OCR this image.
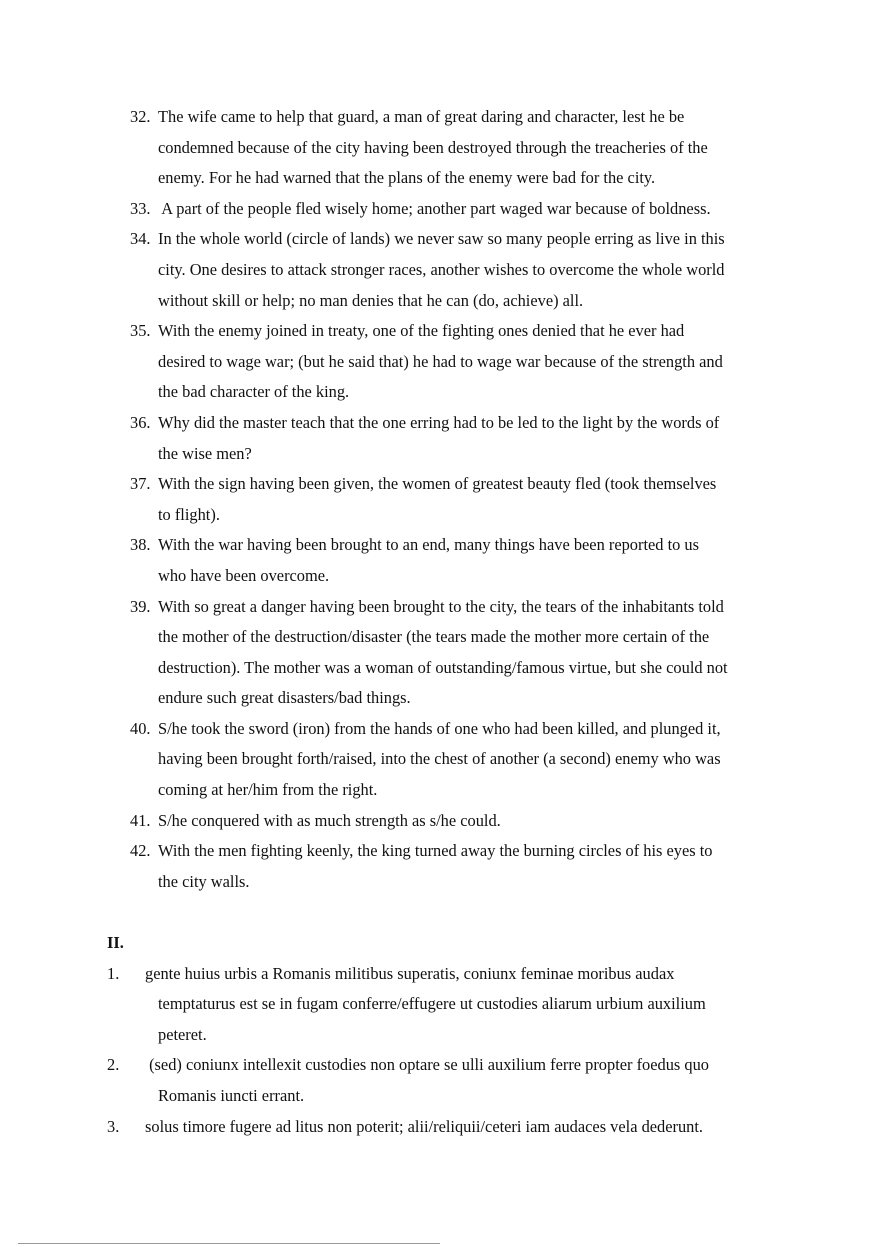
32. The wife came to help that guard, a man of great daring and character, lest he be
condemned because of the city having been destroyed through the treacheries of the
enemy. For he had warned that the plans of the enemy were bad for the city.
33. A part of the people fled wisely home; another part waged war because of boldness.
34. In the whole world (circle of lands) we never saw so many people erring as live in this
city. One desires to attack stronger races, another wishes to overcome the whole world
without skill or help; no man denies that he can (do, achieve) all.
35. With the enemy joined in treaty, one of the fighting ones denied that he ever had
desired to wage war; (but he said that) he had to wage war because of the strength and
the bad character of the king.
36. Why did the master teach that the one erring had to be led to the light by the words of
the wise men?
37. With the sign having been given, the women of greatest beauty fled (took themselves
to flight).
38. With the war having been brought to an end, many things have been reported to us
who have been overcome.
39. With so great a danger having been brought to the city, the tears of the inhabitants told
the mother of the destruction/disaster (the tears made the mother more certain of the
destruction). The mother was a woman of outstanding/famous virtue, but she could not
endure such great disasters/bad things.
40. S/he took the sword (iron) from the hands of one who had been killed, and plunged it,
having been brought forth/raised, into the chest of another (a second) enemy who was
coming at her/him from the right.
41. S/he conquered with as much strength as s/he could.
42. With the men fighting keenly, the king turned away the burning circles of his eyes to
the city walls.

II.

1. gente huius urbis a Romanis militibus superatis, coniunx feminae moribus audax
temptaturus est se in fugam conferre/effugere ut custodies aliarum urbium auxilium
peteret.
2. (sed) coniunx intellexit custodies non optare se ulli auxilium ferre propter foedus quo
Romanis iuncti errant.
3. solus timore fugere ad litus non poterit; alii/reliquii/ceteri iam audaces vela dederunt.
